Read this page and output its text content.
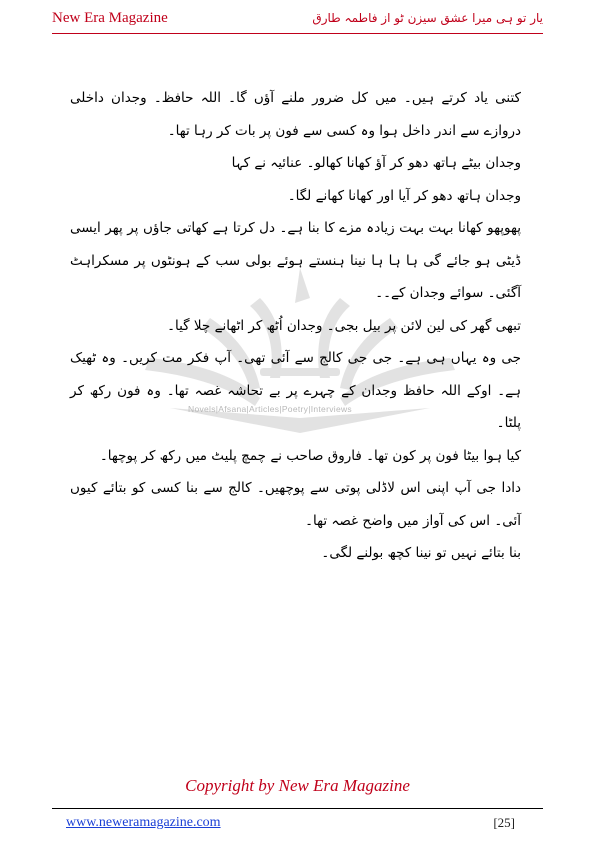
New Era Magazine	یار تو ہی میرا عشق سیزن ٹو از فاطمہ طارق
Novels|Afsana|Articles|Poetry|Interviews

کتنی یاد کرتے ہیں۔ میں کل ضرور ملنے آؤں گا۔ اللہ حافظ۔ وجدان داخلی دروازے سے اندر داخل ہوا وہ کسی سے فون پر بات کر رہا تھا۔

وجدان بیٹے ہاتھ دھو کر آؤ کھانا کھالو۔ عنائیہ نے کہا

وجدان ہاتھ دھو کر آیا اور کھانا کھانے لگا۔

پھوپھو کھانا بہت بہت زیادہ مزے کا بنا ہے۔ دل کرتا ہے کھاتی جاؤں پر پھر ایسی ڈیٹی ہو جائے گی ہا ہا ہا نینا ہنستے ہوئے بولی سب کے ہونٹوں پر مسکراہٹ آگئی۔ سوائے وجدان کے۔۔

تبھی گھر کی لین لائن پر بیل بجی۔ وجدان اُٹھ کر اٹھانے چلا گیا۔

جی وہ یہاں ہی ہے۔ جی جی کالج سے آئی تھی۔ آپ فکر مت کریں۔ وہ ٹھیک ہے۔ اوکے اللہ حافظ وجدان کے چہرے پر بے تحاشہ غصہ تھا۔ وہ فون رکھ کر پلٹا۔

کیا ہوا بیٹا فون پر کون تھا۔ فاروق صاحب نے چمچ پلیٹ میں رکھ کر پوچھا۔

دادا جی آپ اپنی اس لاڈلی پوتی سے پوچھیں۔ کالج سے بنا کسی کو بتائے کیوں آئی۔ اس کی آواز میں واضح غصہ تھا۔

بنا بتائے نہیں تو نینا کچھ بولنے لگی۔

Copyright by New Era Magazine
www.neweramagazine.com	[25]
